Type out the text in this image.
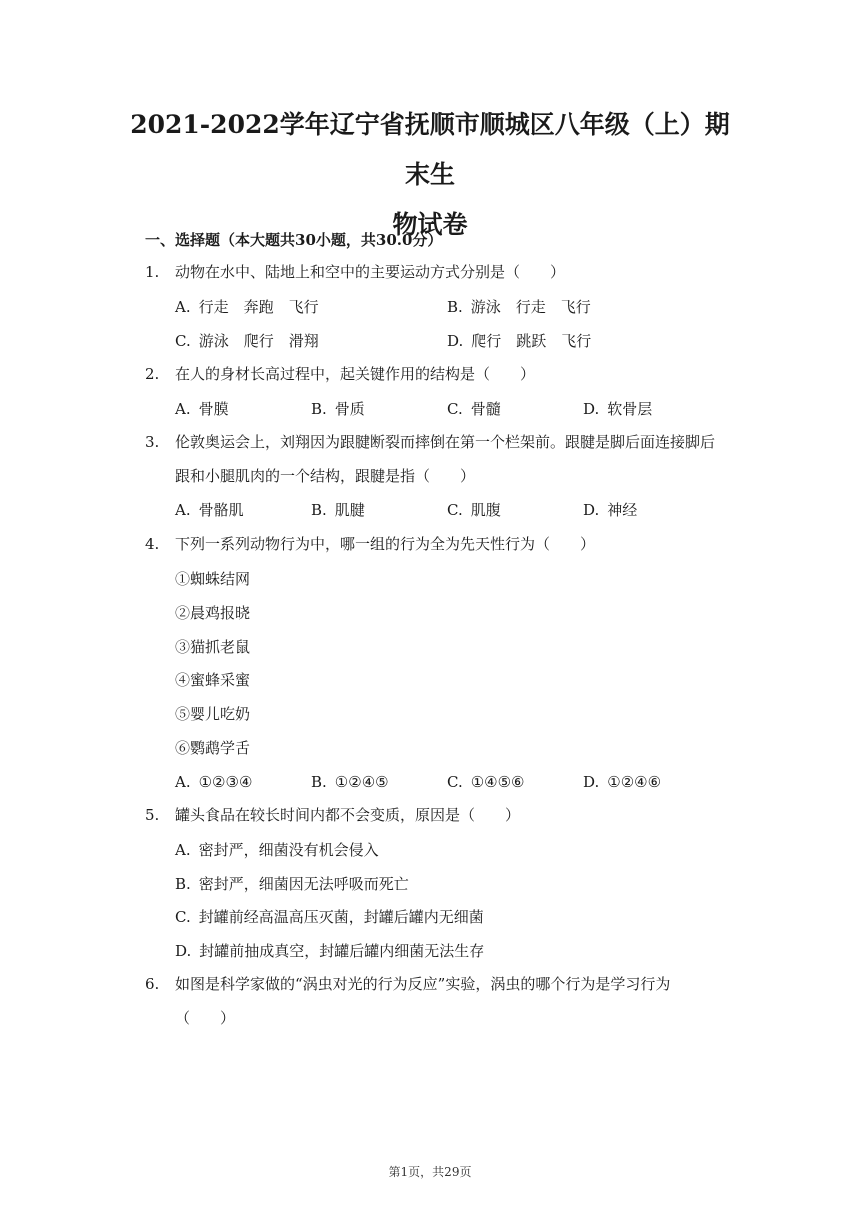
2021-2022学年辽宁省抚顺市顺城区八年级（上）期末生
物试卷
一、选择题（本大题共30小题，共30.0分）
1. 动物在水中、陆地上和空中的主要运动方式分别是（　　）
A. 行走　奔跑　飞行	B. 游泳　行走　飞行
C. 游泳　爬行　滑翔	D. 爬行　跳跃　飞行
2. 在人的身材长高过程中，起关键作用的结构是（　　）
A. 骨膜	B. 骨质	C. 骨髓	D. 软骨层
3. 伦敦奥运会上，刘翔因为跟腱断裂而摔倒在第一个栏架前。跟腱是脚后面连接脚后
跟和小腿肌肉的一个结构，跟腱是指（　　）
A. 骨骼肌	B. 肌腱	C. 肌腹	D. 神经
4. 下列一系列动物行为中，哪一组的行为全为先天性行为（　　）
①蜘蛛结网
②晨鸡报晓
③猫抓老鼠
④蜜蜂采蜜
⑤婴儿吃奶
⑥鹦鹉学舌
A. ①②③④	B. ①②④⑤	C. ①④⑤⑥	D. ①②④⑥
5. 罐头食品在较长时间内都不会变质，原因是（　　）
A. 密封严，细菌没有机会侵入
B. 密封严，细菌因无法呼吸而死亡
C. 封罐前经高温高压灭菌，封罐后罐内无细菌
D. 封罐前抽成真空，封罐后罐内细菌无法生存
6. 如图是科学家做的“涡虫对光的行为反应”实验，涡虫的哪个行为是学习行为
（　　）
第1页，共29页
